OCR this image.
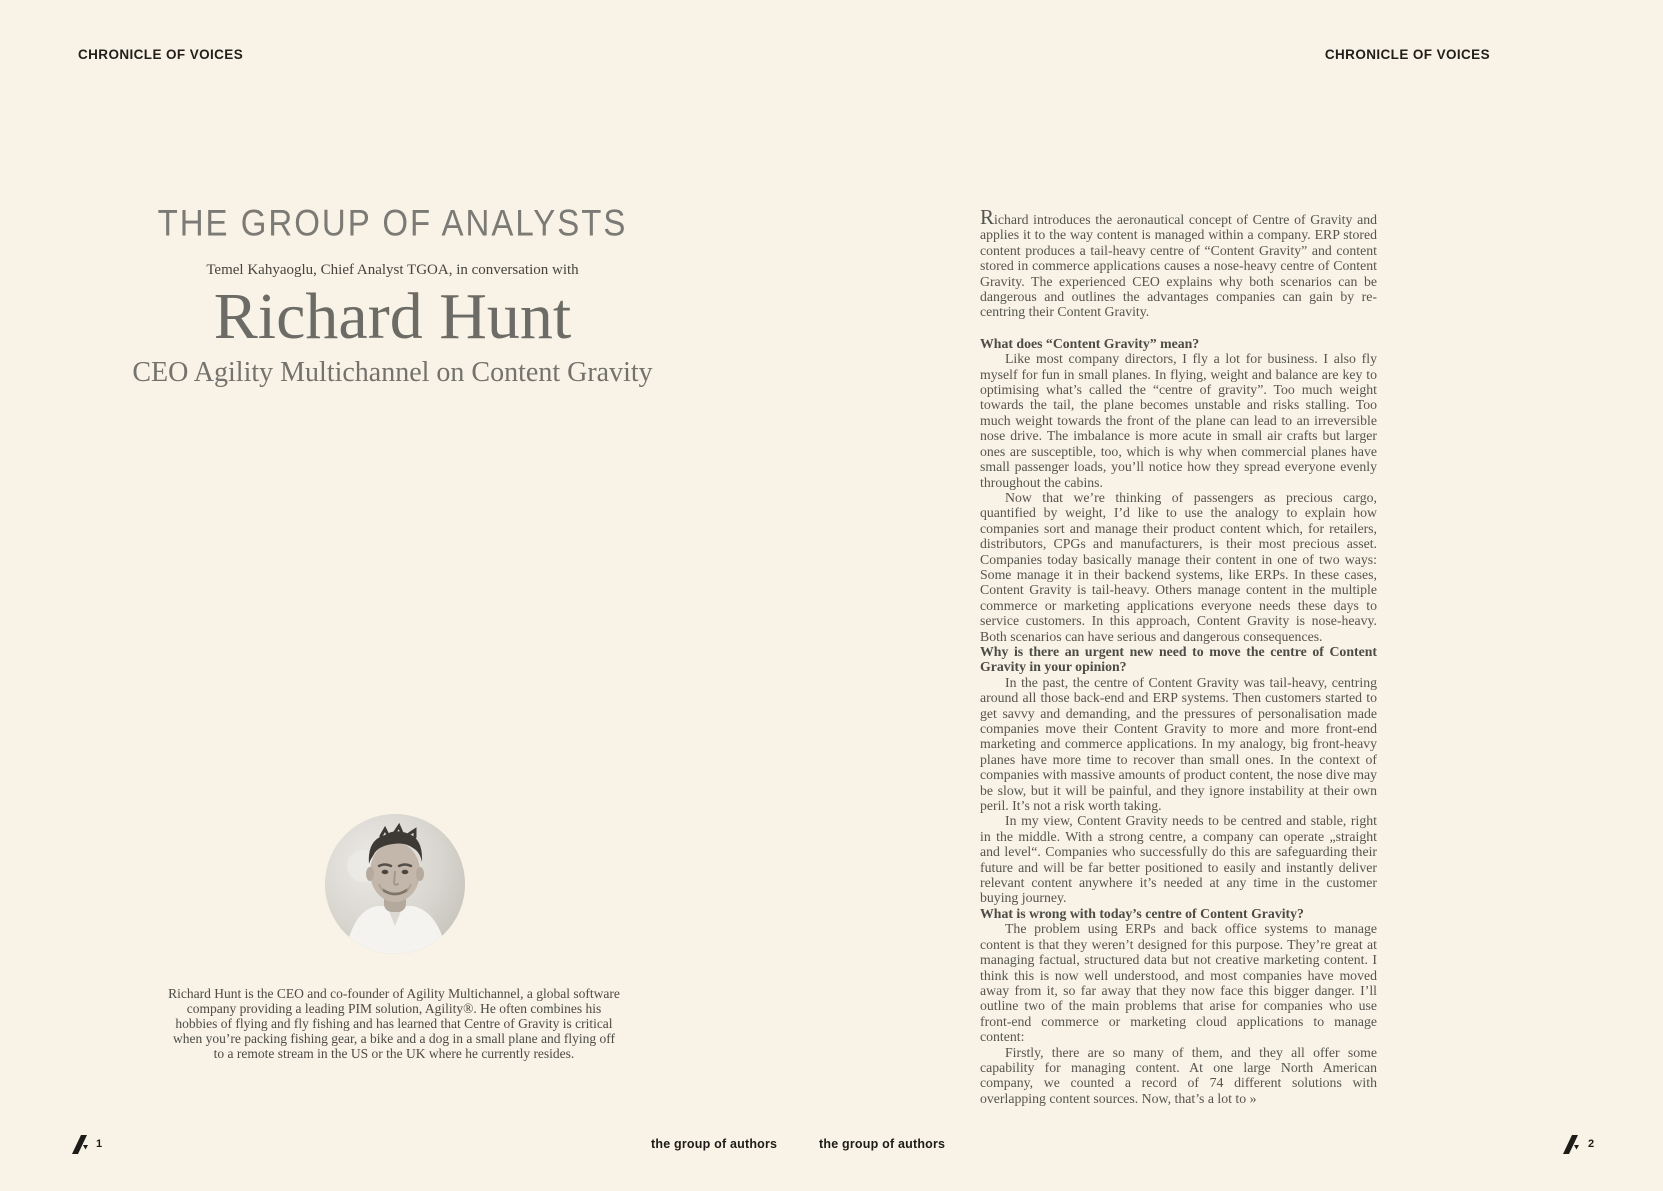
CHRONICLE OF VOICES	CHRONICLE OF VOICES
THE GROUP OF ANALYSTS
Temel Kahyaoglu, Chief Analyst TGOA, in conversation with
Richard Hunt
CEO Agility Multichannel on Content Gravity
Richard Hunt is the CEO and co-founder of Agility Multichannel, a global software company providing a leading PIM solution, Agility®. He often combines his hobbies of flying and fly fishing and has learned that Centre of Gravity is critical when you’re packing fishing gear, a bike and a dog in a small plane and flying off to a remote stream in the US or the UK where he currently resides.

Richard introduces the aeronautical concept of Centre of Gravity and applies it to the way content is managed within a company. ERP stored content produces a tail-heavy centre of “Content Gravity” and content stored in commerce applications causes a nose-heavy centre of Content Gravity. The experienced CEO explains why both scenarios can be dangerous and outlines the advantages companies can gain by re-centring their Content Gravity.

What does “Content Gravity” mean?

Like most company directors, I fly a lot for business. I also fly myself for fun in small planes. In flying, weight and balance are key to optimising what’s called the “centre of gravity”. Too much weight towards the tail, the plane becomes unstable and risks stalling. Too much weight towards the front of the plane can lead to an irreversible nose drive. The imbalance is more acute in small air crafts but larger ones are susceptible, too, which is why when commercial planes have small passenger loads, you’ll notice how they spread everyone evenly throughout the cabins.

Now that we’re thinking of passengers as precious cargo, quantified by weight, I’d like to use the analogy to explain how companies sort and manage their product content which, for retailers, distributors, CPGs and manufacturers, is their most precious asset. Companies today basically manage their content in one of two ways: Some manage it in their backend systems, like ERPs. In these cases, Content Gravity is tail-heavy. Others manage content in the multiple commerce or marketing applications everyone needs these days to service customers. In this approach, Content Gravity is nose-heavy. Both scenarios can have serious and dangerous consequences.

Why is there an urgent new need to move the centre of Content Gravity in your opinion?

In the past, the centre of Content Gravity was tail-heavy, centring around all those back-end and ERP systems. Then customers started to get savvy and demanding, and the pressures of personalisation made companies move their Content Gravity to more and more front-end marketing and commerce applications. In my analogy, big front-heavy planes have more time to recover than small ones. In the context of companies with massive amounts of product content, the nose dive may be slow, but it will be painful, and they ignore instability at their own peril. It’s not a risk worth taking.

In my view, Content Gravity needs to be centred and stable, right in the middle. With a strong centre, a company can operate „straight and level“. Companies who successfully do this are safeguarding their future and will be far better positioned to easily and instantly deliver relevant content anywhere it’s needed at any time in the customer buying journey.

What is wrong with today’s centre of Content Gravity?

The problem using ERPs and back office systems to manage content is that they weren’t designed for this purpose. They’re great at managing factual, structured data but not creative marketing content. I think this is now well understood, and most companies have moved away from it, so far away that they now face this bigger danger. I’ll outline two of the main problems that arise for companies who use front-end commerce or marketing cloud applications to manage content:

Firstly, there are so many of them, and they all offer some capability for managing content. At one large North American company, we counted a record of 74 different solutions with overlapping content sources. Now, that’s a lot to »

1	the group of authors	the group of authors	2
